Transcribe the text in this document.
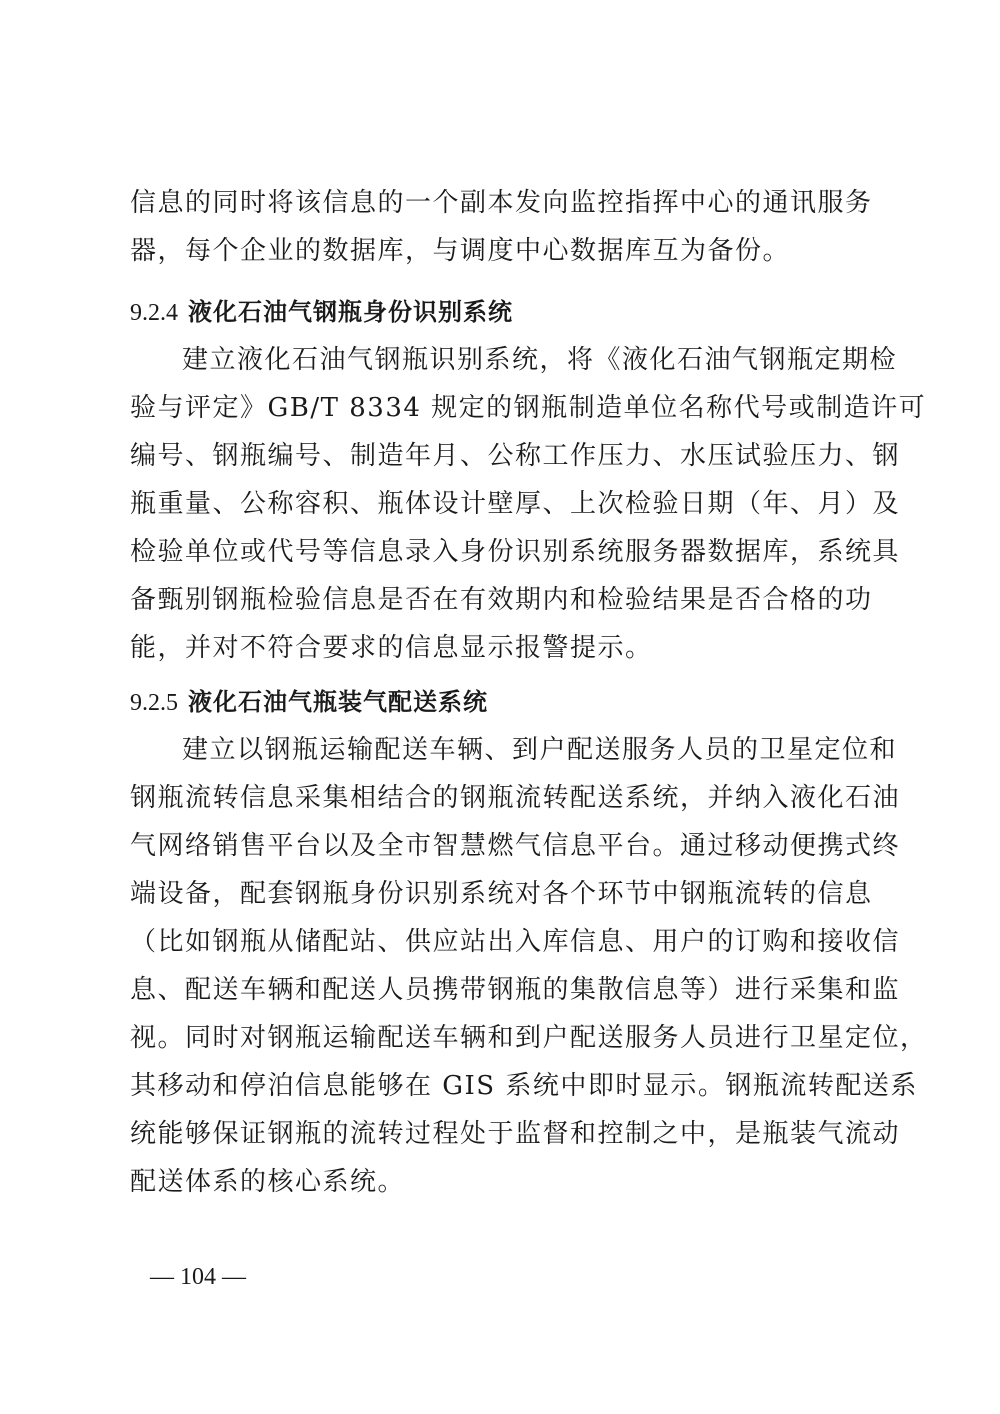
信息的同时将该信息的一个副本发向监控指挥中心的通讯服务
器，每个企业的数据库，与调度中心数据库互为备份。
9.2.4 液化石油气钢瓶身份识别系统
建立液化石油气钢瓶识别系统，将《液化石油气钢瓶定期检
验与评定》GB/T 8334 规定的钢瓶制造单位名称代号或制造许可
编号、钢瓶编号、制造年月、公称工作压力、水压试验压力、钢
瓶重量、公称容积、瓶体设计壁厚、上次检验日期（年、月）及
检验单位或代号等信息录入身份识别系统服务器数据库，系统具
备甄别钢瓶检验信息是否在有效期内和检验结果是否合格的功
能，并对不符合要求的信息显示报警提示。
9.2.5 液化石油气瓶装气配送系统
建立以钢瓶运输配送车辆、到户配送服务人员的卫星定位和
钢瓶流转信息采集相结合的钢瓶流转配送系统，并纳入液化石油
气网络销售平台以及全市智慧燃气信息平台。通过移动便携式终
端设备，配套钢瓶身份识别系统对各个环节中钢瓶流转的信息
（比如钢瓶从储配站、供应站出入库信息、用户的订购和接收信
息、配送车辆和配送人员携带钢瓶的集散信息等）进行采集和监
视。同时对钢瓶运输配送车辆和到户配送服务人员进行卫星定位，
其移动和停泊信息能够在 GIS 系统中即时显示。钢瓶流转配送系
统能够保证钢瓶的流转过程处于监督和控制之中，是瓶装气流动
配送体系的核心系统。
— 104 —
